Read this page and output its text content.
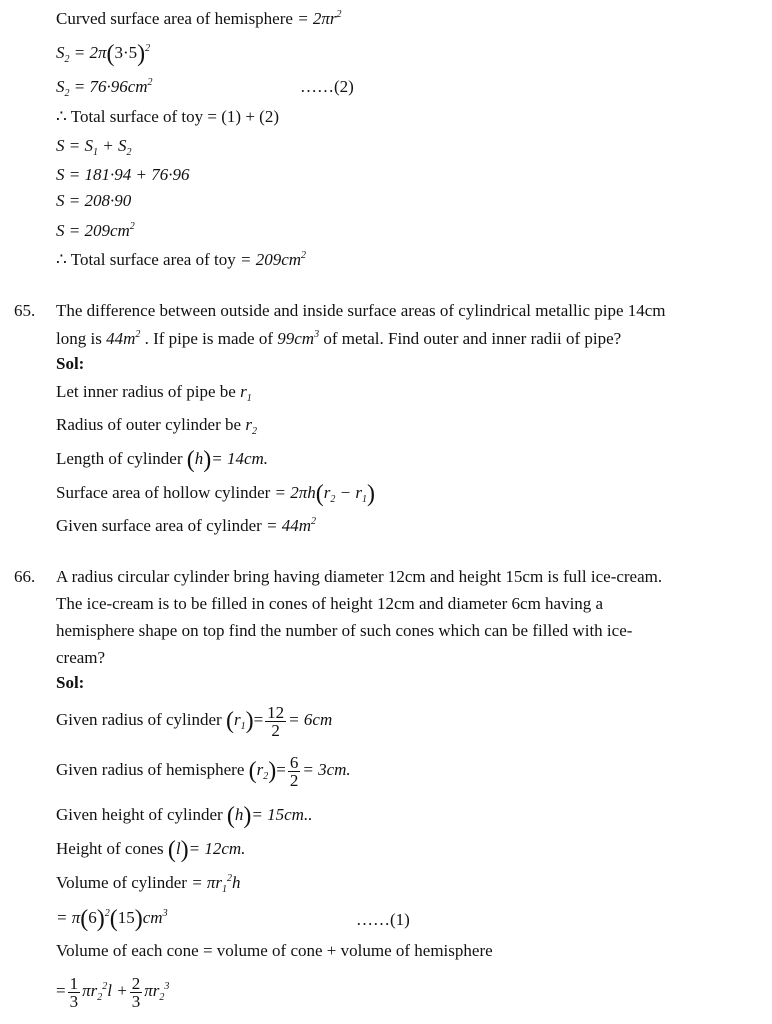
Curved surface area of hemisphere = $2\pi r^2$
$S_2 = 2\pi(3\cdot 5)^2$
$S_2 = 76\cdot 96cm^2$	……(2)
∴ Total surface of toy = (1) + (2)
$S = S_1 + S_2$
S = 181·94 + 76·96
S = 208·90
$S = 209cm^2$
∴ Total surface area of toy = $209cm^2$
65. The difference between outside and inside surface areas of cylindrical metallic pipe 14cm
long is $44m^2$ . If pipe is made of $99cm^3$ of metal. Find outer and inner radii of pipe?
Sol:
Let inner radius of pipe be $r_1$
Radius of outer cylinder be $r_2$
Length of cylinder (h)= 14cm.
Surface area of hollow cylinder = $2\pi h(r_2 - r_1)$
Given surface area of cylinder = $44m^2$
66. A radius circular cylinder bring having diameter 12cm and height 15cm is full ice-cream.
The ice-cream is to be filled in cones of height 12cm and diameter 6cm having a
hemisphere shape on top find the number of such cones which can be filled with ice-
cream?
Sol:
Given radius of cylinder $(r_1)= \frac{12}{2} = 6cm$
Given radius of hemisphere $(r_2)= \frac{6}{2} = 3cm$.
Given height of cylinder (h)= 15cm..
Height of cones (l)= 12cm.
Volume of cylinder = $\pi r_1^2h$
= $\pi(6)^2(15)cm^3$	……(1)
Volume of each cone = volume of cone + volume of hemisphere
= $\frac{1}{3} \pi r_2^2l + \frac{2}{3} \pi r_2^3$
